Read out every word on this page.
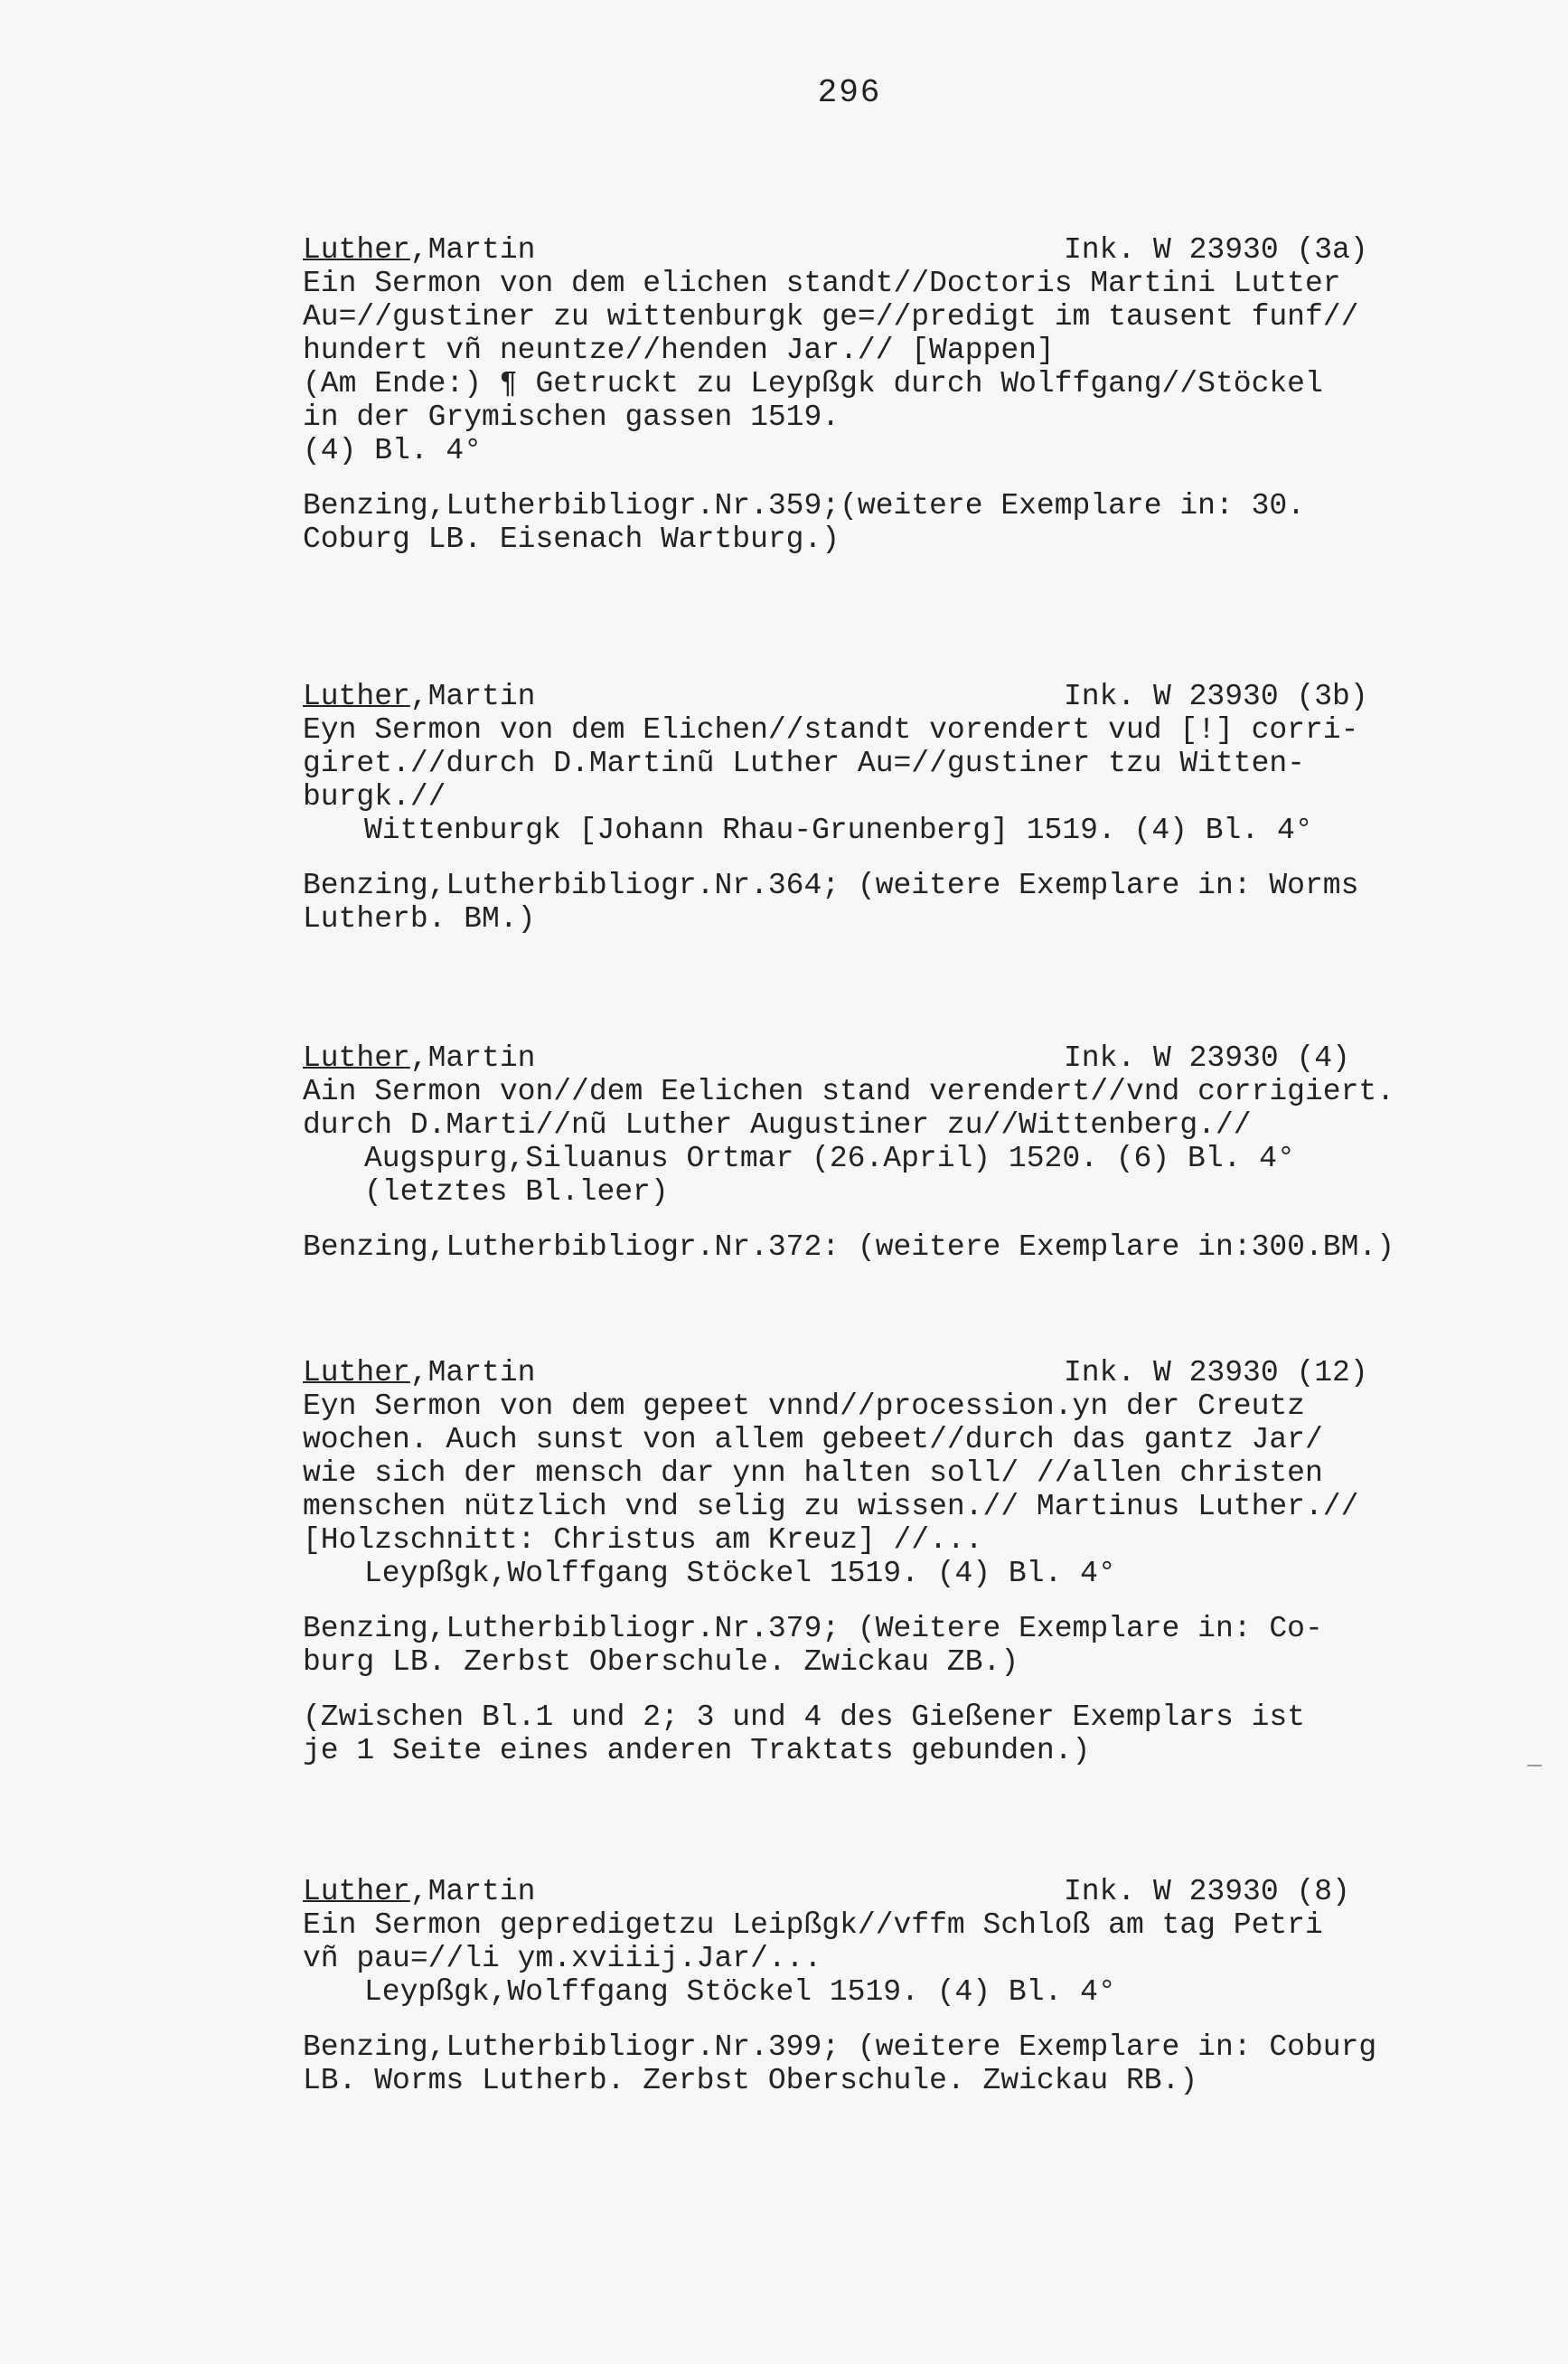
296
Luther,Martin	Ink. W 23930 (3a)
Ein Sermon von dem elichen standt//Doctoris Martini Lutter
Au=//gustiner zu wittenburgk ge=//predigt im tausent funf//
hundert vñ neuntze//henden Jar.// [Wappen]
(Am Ende:) ¶ Getruckt zu Leypßgk durch Wolffgang//Stöckel
in der Grymischen gassen 1519.
(4) Bl. 4°
Benzing,Lutherbibliogr.Nr.359;(weitere Exemplare in: 30.
Coburg LB. Eisenach Wartburg.)
Luther,Martin	Ink. W 23930 (3b)
Eyn Sermon von dem Elichen//standt vorendert vud [!] corri-
giret.//durch D.Martinũ Luther Au=//gustiner tzu Witten-
burgk.//
Wittenburgk [Johann Rhau-Grunenberg] 1519. (4) Bl. 4°
Benzing,Lutherbibliogr.Nr.364; (weitere Exemplare in: Worms
Lutherb. BM.)
Luther,Martin	Ink. W 23930 (4)
Ain Sermon von//dem Eelichen stand verendert//vnd corrigiert.
durch D.Marti//nũ Luther Augustiner zu//Wittenberg.//
Augspurg,Siluanus Ortmar (26.April) 1520. (6) Bl. 4°
(letztes Bl.leer)
Benzing,Lutherbibliogr.Nr.372: (weitere Exemplare in:300.BM.)
Luther,Martin	Ink. W 23930 (12)
Eyn Sermon von dem gepeet vnnd//procession.yn der Creutz
wochen. Auch sunst von allem gebeet//durch das gantz Jar/
wie sich der mensch dar ynn halten soll/ //allen christen
menschen nützlich vnd selig zu wissen.// Martinus Luther.//
[Holzschnitt: Christus am Kreuz] //...
Leypßgk,Wolffgang Stöckel 1519. (4) Bl. 4°
Benzing,Lutherbibliogr.Nr.379; (Weitere Exemplare in: Co-
burg LB. Zerbst Oberschule. Zwickau ZB.)
(Zwischen Bl.1 und 2; 3 und 4 des Gießener Exemplars ist
je 1 Seite eines anderen Traktats gebunden.)
Luther,Martin	Ink. W 23930 (8)
Ein Sermon gepredigetzu Leipßgk//vffm Schloß am tag Petri
vñ pau=//li ym.xviiij.Jar/...
Leypßgk,Wolffgang Stöckel 1519. (4) Bl. 4°
Benzing,Lutherbibliogr.Nr.399; (weitere Exemplare in: Coburg
LB. Worms Lutherb. Zerbst Oberschule. Zwickau RB.)
